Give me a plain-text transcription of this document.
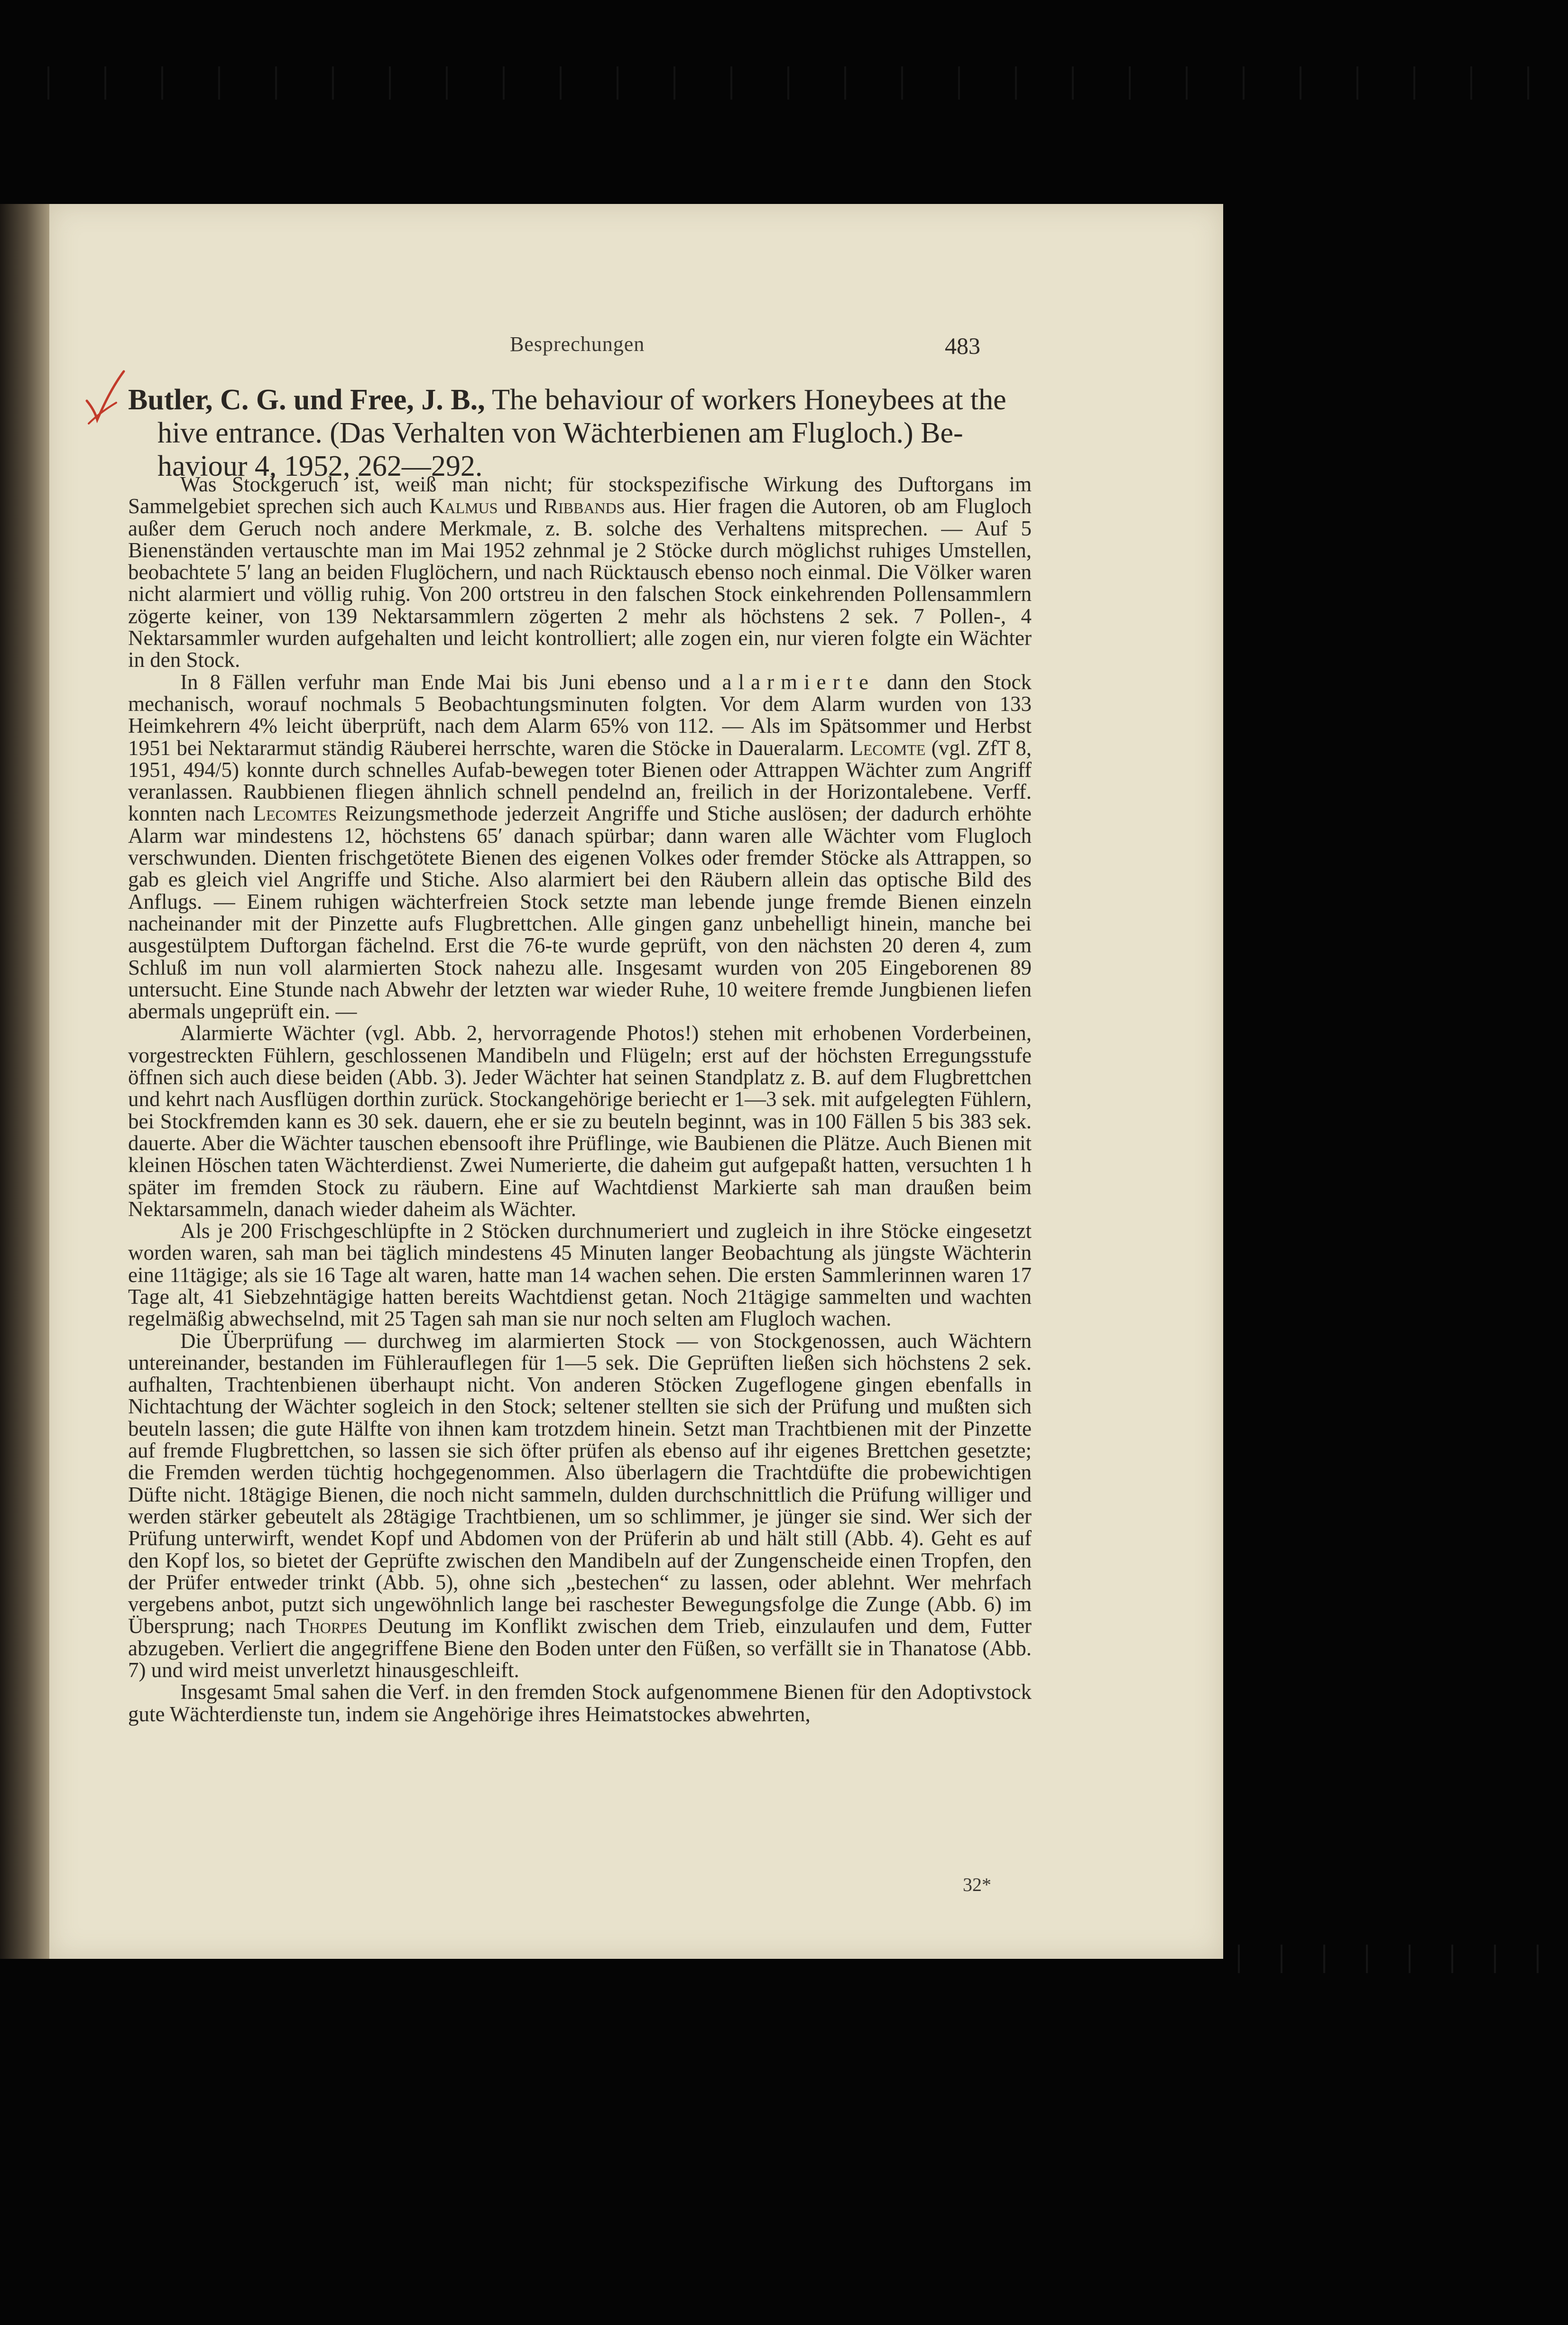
Besprechungen	483
Butler, C. G. und Free, J. B., The behaviour of workers Honeybees at the
hive entrance. (Das Verhalten von Wächterbienen am Flugloch.) Be-
haviour 4, 1952, 262—292.

Was Stockgeruch ist, weiß man nicht; für stockspezifische Wirkung des Duftorgans im Sammelgebiet sprechen sich auch Kalmus und Ribbands aus. Hier fragen die Autoren, ob am Flugloch außer dem Geruch noch andere Merkmale, z. B. solche des Verhaltens mitsprechen. — Auf 5 Bienenständen vertauschte man im Mai 1952 zehnmal je 2 Stöcke durch möglichst ruhiges Umstellen, beobachtete 5′ lang an beiden Fluglöchern, und nach Rücktausch ebenso noch einmal. Die Völker waren nicht alarmiert und völlig ruhig. Von 200 ortstreu in den falschen Stock einkehrenden Pollensammlern zögerte keiner, von 139 Nektarsammlern zögerten 2 mehr als höchstens 2 sek. 7 Pollen-, 4 Nektarsammler wurden aufgehalten und leicht kontrolliert; alle zogen ein, nur vieren folgte ein Wächter in den Stock.

In 8 Fällen verfuhr man Ende Mai bis Juni ebenso und alarmierte dann den Stock mechanisch, worauf nochmals 5 Beobachtungsminuten folgten. Vor dem Alarm wurden von 133 Heimkehrern 4% leicht überprüft, nach dem Alarm 65% von 112. — Als im Spätsommer und Herbst 1951 bei Nektararmut ständig Räuberei herrschte, waren die Stöcke in Daueralarm. Lecomte (vgl. ZfT 8, 1951, 494/5) konnte durch schnelles Aufab-bewegen toter Bienen oder Attrappen Wächter zum Angriff veranlassen. Raubbienen fliegen ähnlich schnell pendelnd an, freilich in der Horizontalebene. Verff. konnten nach Lecomtes Reizungsmethode jederzeit Angriffe und Stiche auslösen; der dadurch erhöhte Alarm war mindestens 12, höchstens 65′ danach spürbar; dann waren alle Wächter vom Flugloch verschwunden. Dienten frischgetötete Bienen des eigenen Volkes oder fremder Stöcke als Attrappen, so gab es gleich viel Angriffe und Stiche. Also alarmiert bei den Räubern allein das optische Bild des Anflugs. — Einem ruhigen wächterfreien Stock setzte man lebende junge fremde Bienen einzeln nacheinander mit der Pinzette aufs Flugbrettchen. Alle gingen ganz unbehelligt hinein, manche bei ausgestülptem Duftorgan fächelnd. Erst die 76-te wurde geprüft, von den nächsten 20 deren 4, zum Schluß im nun voll alarmierten Stock nahezu alle. Insgesamt wurden von 205 Eingeborenen 89 untersucht. Eine Stunde nach Abwehr der letzten war wieder Ruhe, 10 weitere fremde Jungbienen liefen abermals ungeprüft ein. —

Alarmierte Wächter (vgl. Abb. 2, hervorragende Photos!) stehen mit erhobenen Vorderbeinen, vorgestreckten Fühlern, geschlossenen Mandibeln und Flügeln; erst auf der höchsten Erregungsstufe öffnen sich auch diese beiden (Abb. 3). Jeder Wächter hat seinen Standplatz z. B. auf dem Flugbrettchen und kehrt nach Ausflügen dorthin zurück. Stockangehörige beriecht er 1—3 sek. mit aufgelegten Fühlern, bei Stockfremden kann es 30 sek. dauern, ehe er sie zu beuteln beginnt, was in 100 Fällen 5 bis 383 sek. dauerte. Aber die Wächter tauschen ebensooft ihre Prüflinge, wie Baubienen die Plätze. Auch Bienen mit kleinen Höschen taten Wächterdienst. Zwei Numerierte, die daheim gut aufgepaßt hatten, versuchten 1 h später im fremden Stock zu räubern. Eine auf Wachtdienst Markierte sah man draußen beim Nektarsammeln, danach wieder daheim als Wächter.

Als je 200 Frischgeschlüpfte in 2 Stöcken durchnumeriert und zugleich in ihre Stöcke eingesetzt worden waren, sah man bei täglich mindestens 45 Minuten langer Beobachtung als jüngste Wächterin eine 11tägige; als sie 16 Tage alt waren, hatte man 14 wachen sehen. Die ersten Sammlerinnen waren 17 Tage alt, 41 Siebzehntägige hatten bereits Wachtdienst getan. Noch 21tägige sammelten und wachten regelmäßig abwechselnd, mit 25 Tagen sah man sie nur noch selten am Flugloch wachen.

Die Überprüfung — durchweg im alarmierten Stock — von Stockgenossen, auch Wächtern untereinander, bestanden im Fühlerauflegen für 1—5 sek. Die Geprüften ließen sich höchstens 2 sek. aufhalten, Trachtenbienen überhaupt nicht. Von anderen Stöcken Zugeflogene gingen ebenfalls in Nichtachtung der Wächter sogleich in den Stock; seltener stellten sie sich der Prüfung und mußten sich beuteln lassen; die gute Hälfte von ihnen kam trotzdem hinein. Setzt man Trachtbienen mit der Pinzette auf fremde Flugbrettchen, so lassen sie sich öfter prüfen als ebenso auf ihr eigenes Brettchen gesetzte; die Fremden werden tüchtig hochgegenommen. Also überlagern die Trachtdüfte die probewichtigen Düfte nicht. 18tägige Bienen, die noch nicht sammeln, dulden durchschnittlich die Prüfung williger und werden stärker gebeutelt als 28tägige Trachtbienen, um so schlimmer, je jünger sie sind. Wer sich der Prüfung unterwirft, wendet Kopf und Abdomen von der Prüferin ab und hält still (Abb. 4). Geht es auf den Kopf los, so bietet der Geprüfte zwischen den Mandibeln auf der Zungenscheide einen Tropfen, den der Prüfer entweder trinkt (Abb. 5), ohne sich „bestechen“ zu lassen, oder ablehnt. Wer mehrfach vergebens anbot, putzt sich ungewöhnlich lange bei raschester Bewegungsfolge die Zunge (Abb. 6) im Übersprung; nach Thorpes Deutung im Konflikt zwischen dem Trieb, einzulaufen und dem, Futter abzugeben. Verliert die angegriffene Biene den Boden unter den Füßen, so verfällt sie in Thanatose (Abb. 7) und wird meist unverletzt hinausgeschleift.

Insgesamt 5mal sahen die Verf. in den fremden Stock aufgenommene Bienen für den Adoptivstock gute Wächterdienste tun, indem sie Angehörige ihres Heimatstockes abwehrten,

32*
